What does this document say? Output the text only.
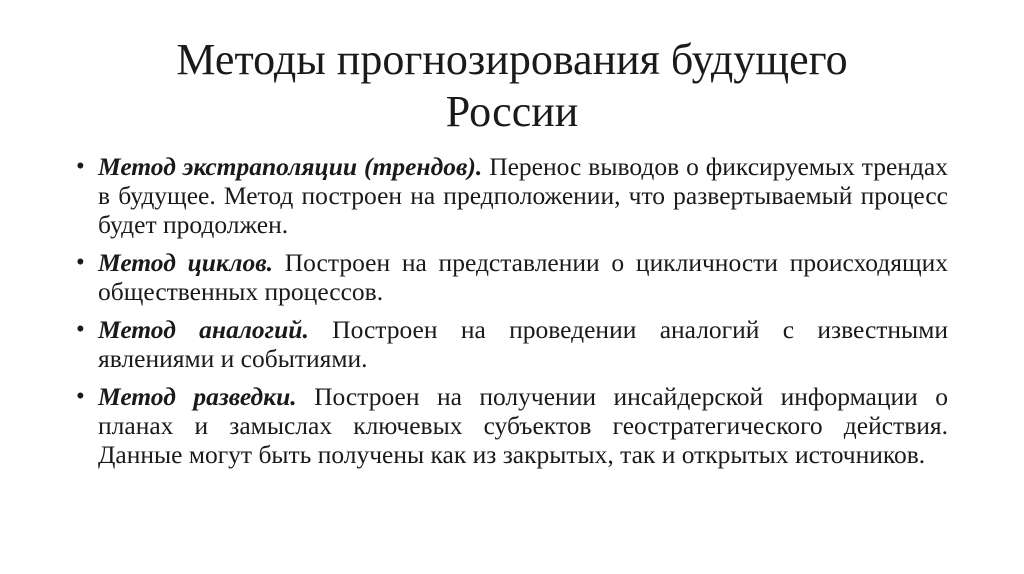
Методы прогнозирования будущего
России
• Метод экстраполяции (трендов). Перенос выводов о фиксируемых трендах в будущее. Метод построен на предположении, что развертываемый процесс будет продолжен.
• Метод циклов. Построен на представлении о цикличности происходящих общественных процессов.
• Метод аналогий. Построен на проведении аналогий с известными явлениями и событиями.
• Метод разведки. Построен на получении инсайдерской информации о планах и замыслах ключевых субъектов геостратегического действия. Данные могут быть получены как из закрытых, так и открытых источников.
